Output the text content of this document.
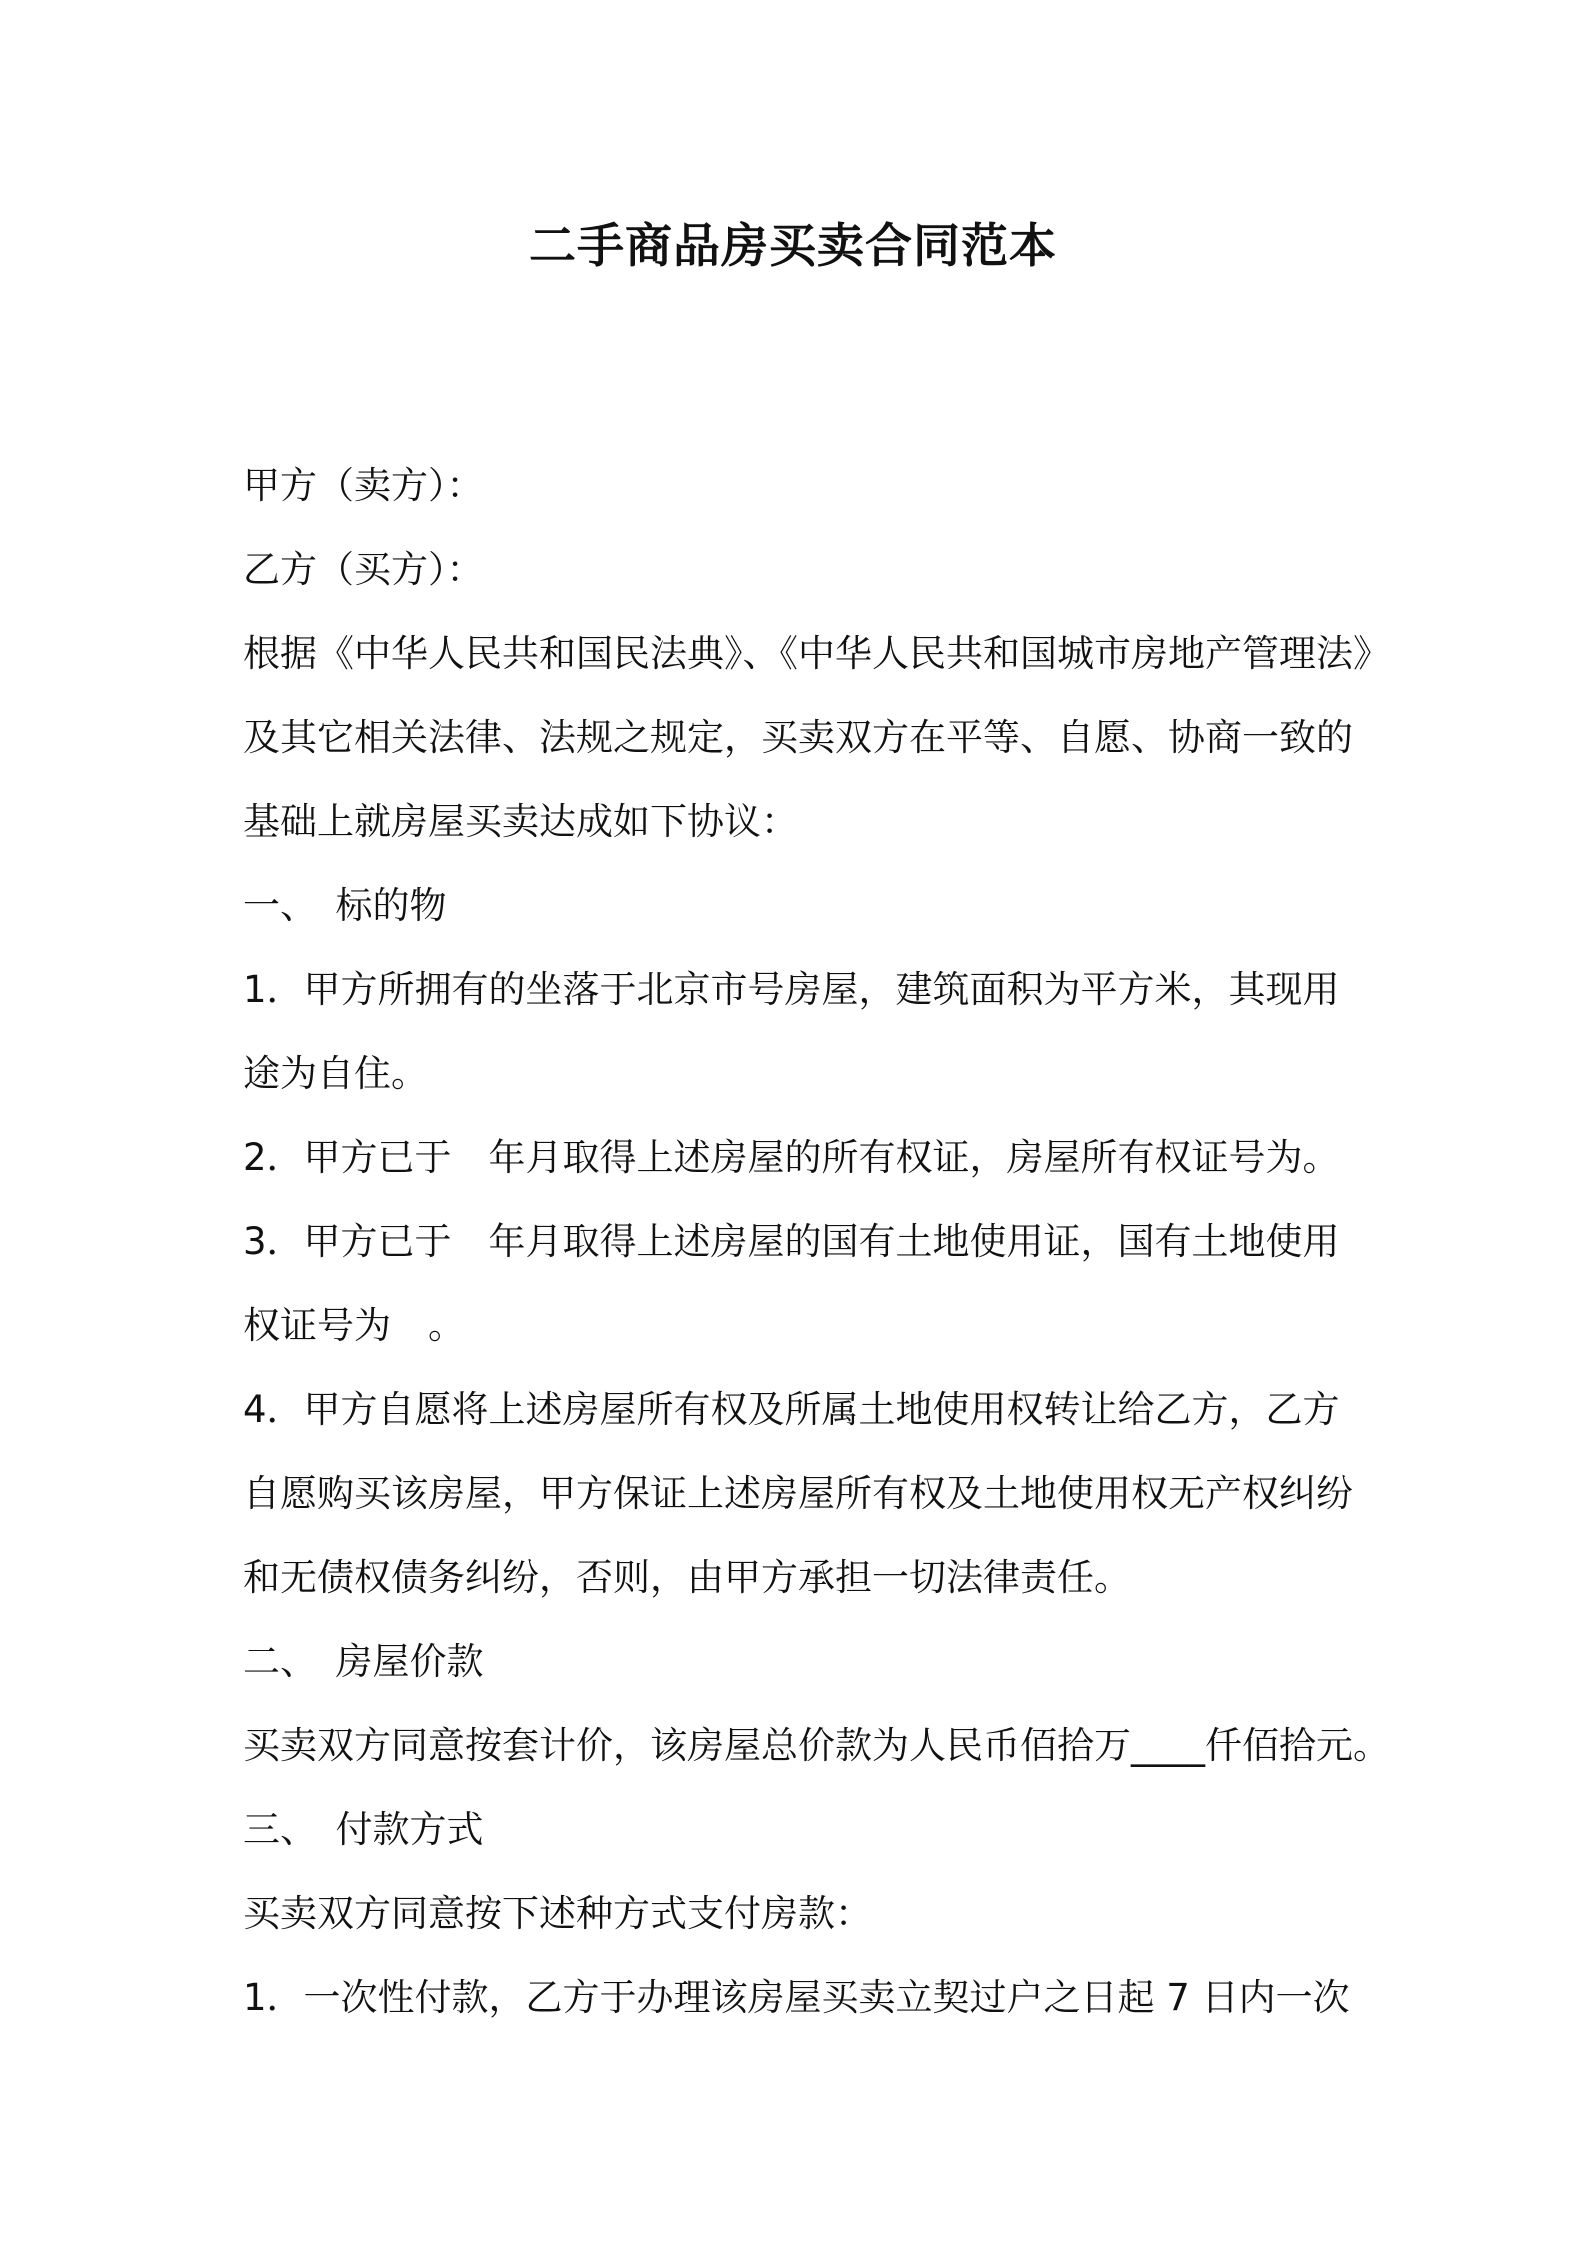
二手商品房买卖合同范本

甲方（卖方）：

乙方（买方）：

根据《中华人民共和国民法典》、《中华人民共和国城市房地产管理法》

及其它相关法律、法规之规定，买卖双方在平等、自愿、协商一致的

基础上就房屋买卖达成如下协议：

一、　标的物

1．甲方所拥有的坐落于北京市号房屋，建筑面积为平方米，其现用

途为自住。

2．甲方已于　年月取得上述房屋的所有权证，房屋所有权证号为。

3．甲方已于　年月取得上述房屋的国有土地使用证，国有土地使用

权证号为　。

4．甲方自愿将上述房屋所有权及所属土地使用权转让给乙方，乙方

自愿购买该房屋，甲方保证上述房屋所有权及土地使用权无产权纠纷

和无债权债务纠纷，否则，由甲方承担一切法律责任。

二、　房屋价款

买卖双方同意按套计价，该房屋总价款为人民币佰拾万____仟佰拾元。

三、　付款方式

买卖双方同意按下述种方式支付房款：

1．一次性付款，乙方于办理该房屋买卖立契过户之日起 7 日内一次
